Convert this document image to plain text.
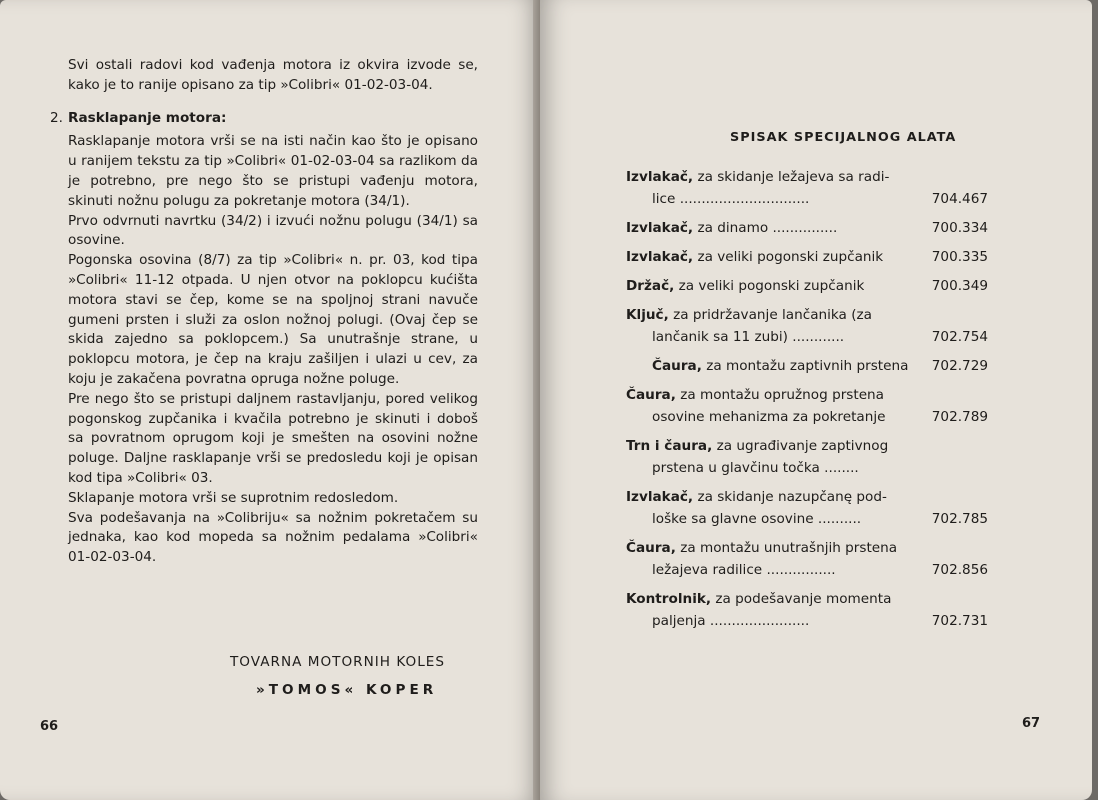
Svi ostali radovi kod vađenja motora iz okvira izvode se, kako je to ranije opisano za tip »Colibri« 01-02-03-04.

2. Rasklapanje motora:

Rasklapanje motora vrši se na isti način kao što je opisano u ranijem tekstu za tip »Colibri« 01-02-03-04 sa razlikom da je potrebno, pre nego što se pristupi vađenju motora, skinuti nožnu polugu za pokretanje motora (34/1).

Prvo odvrnuti navrtku (34/2) i izvući nožnu polugu (34/1) sa osovine.

Pogonska osovina (8/7) za tip »Colibri« n. pr. 03, kod tipa »Colibri« 11-12 otpada. U njen otvor na poklopcu kućišta motora stavi se čep, kome se na spoljnoj strani navuče gumeni prsten i služi za oslon nožnoj polugi. (Ovaj čep se skida zajedno sa poklopcem.) Sa unutrašnje strane, u poklopcu motora, je čep na kraju zašiljen i ulazi u cev, za koju je zakačena povratna opruga nožne poluge.

Pre nego što se pristupi daljnem rastavljanju, pored velikog pogonskog zupčanika i kvačila potrebno je skinuti i doboš sa povratnom oprugom koji je smešten na osovini nožne poluge. Daljne rasklapanje vrši se predosledu koji je opisan kod tipa »Colibri« 03.

Sklapanje motora vrši se suprotnim redosledom.

Sva podešavanja na »Colibriju« sa nožnim pokretačem su jednaka, kao kod mopeda sa nožnim pedalama »Colibri« 01-02-03-04.

TOVARNA MOTORNIH KOLES
»TOMOS« KOPER
66
SPISAK SPECIJALNOG ALATA
Izvlakač, za skidanje ležajeva sa radi-
lice ..............................	704.467
Izvlakač, za dinamo ...............	700.334
Izvlakač, za veliki pogonski zupčanik	700.335
Držač, za veliki pogonski zupčanik	700.349
Ključ, za pridržavanje lančanika (za
lančanik sa 11 zubi) ............	702.754
Čaura, za montažu zaptivnih prstena 702.729
Čaura, za montažu opružnog prstena
osovine mehanizma za pokretanje	702.789
Trn i čaura, za ugrađivanje zaptivnog
prstena u glavčinu točka ........
Izvlakač, za skidanje nazupčanę pod-
loške sa glavne osovine ..........	702.785
Čaura, za montažu unutrašnjih prstena
ležajeva radilice ................	702.856
Kontrolnik, za podešavanje momenta
paljenja .......................	702.731
67
